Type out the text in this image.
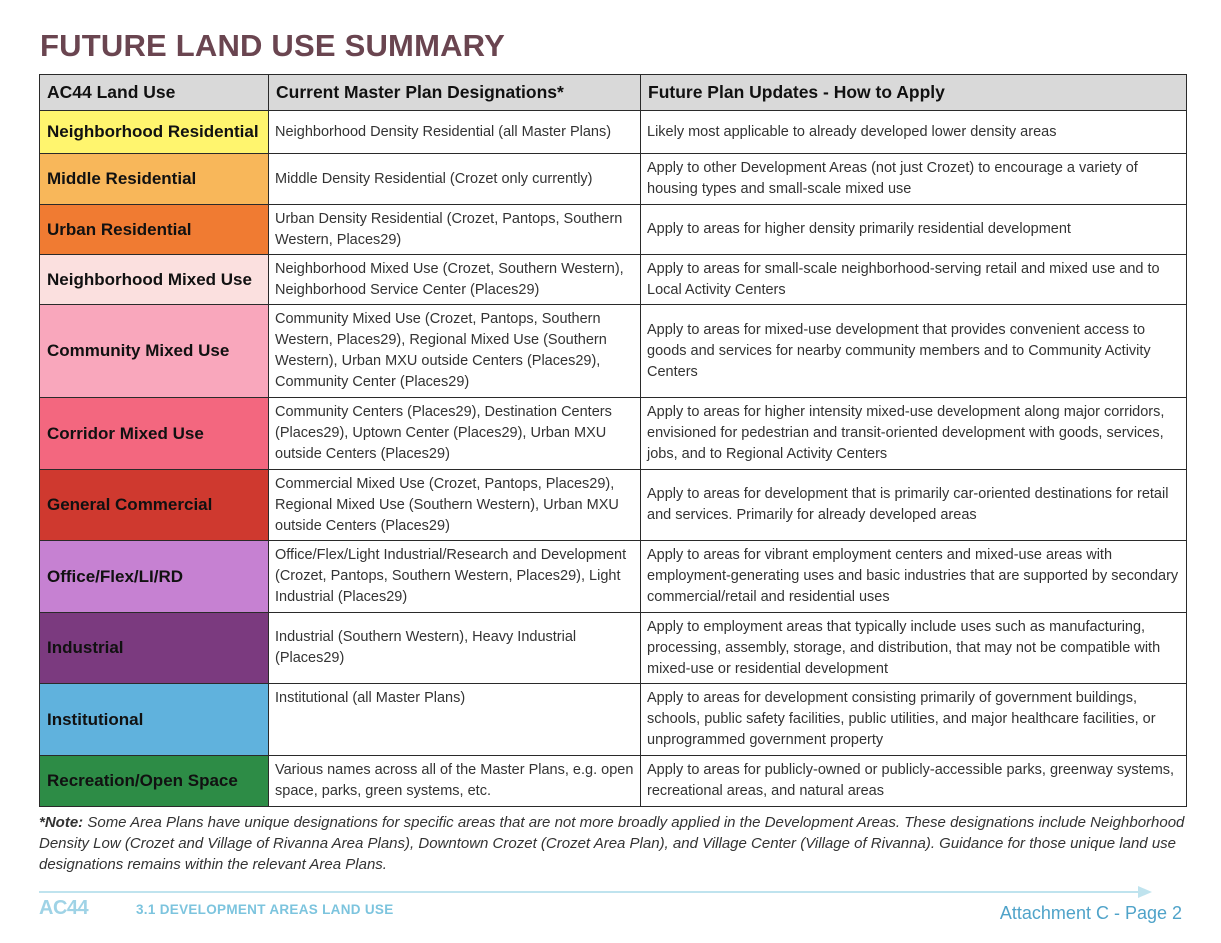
FUTURE LAND USE SUMMARY
AC44 Land Use	Current Master Plan Designations*	Future Plan Updates - How to Apply
Neighborhood Residential	Neighborhood Density Residential (all Master Plans)	Likely most applicable to already developed lower density areas
Middle Residential	Middle Density Residential (Crozet only currently)	Apply to other Development Areas (not just Crozet) to encourage a variety of housing types and small-scale mixed use
Urban Residential	Urban Density Residential (Crozet, Pantops, Southern Western, Places29)	Apply to areas for higher density primarily residential development
Neighborhood Mixed Use	Neighborhood Mixed Use (Crozet, Southern Western), Neighborhood Service Center (Places29)	Apply to areas for small-scale neighborhood-serving retail and mixed use and to Local Activity Centers
Community Mixed Use	Community Mixed Use (Crozet, Pantops, Southern Western, Places29), Regional Mixed Use (Southern Western), Urban MXU outside Centers (Places29), Community Center (Places29)	Apply to areas for mixed-use development that provides convenient access to goods and services for nearby community members and to Community Activity Centers
Corridor Mixed Use	Community Centers (Places29), Destination Centers (Places29), Uptown Center (Places29), Urban MXU outside Centers (Places29)	Apply to areas for higher intensity mixed-use development along major corridors, envisioned for pedestrian and transit-oriented development with goods, services, jobs, and to Regional Activity Centers
General Commercial	Commercial Mixed Use (Crozet, Pantops, Places29), Regional Mixed Use (Southern Western), Urban MXU outside Centers (Places29)	Apply to areas for development that is primarily car-oriented destinations for retail and services. Primarily for already developed areas
Office/Flex/LI/RD	Office/Flex/Light Industrial/Research and Development (Crozet, Pantops, Southern Western, Places29), Light Industrial (Places29)	Apply to areas for vibrant employment centers and mixed-use areas with employment-generating uses and basic industries that are supported by secondary commercial/retail and residential uses
Industrial	Industrial (Southern Western), Heavy Industrial (Places29)	Apply to employment areas that typically include uses such as manufacturing, processing, assembly, storage, and distribution, that may not be compatible with mixed-use or residential development
Institutional	Institutional (all Master Plans)	Apply to areas for development consisting primarily of government buildings, schools, public safety facilities, public utilities, and major healthcare facilities, or unprogrammed government property
Recreation/Open Space	Various names across all of the Master Plans, e.g. open space, parks, green systems, etc.	Apply to areas for publicly-owned or publicly-accessible parks, greenway systems, recreational areas, and natural areas

*Note: Some Area Plans have unique designations for specific areas that are not more broadly applied in the Development Areas. These designations include Neighborhood Density Low (Crozet and Village of Rivanna Area Plans), Downtown Crozet (Crozet Area Plan), and Village Center (Village of Rivanna). Guidance for those unique land use designations remains within the relevant Area Plans.

AC44	3.1 DEVELOPMENT AREAS LAND USE	Attachment C - Page 2
